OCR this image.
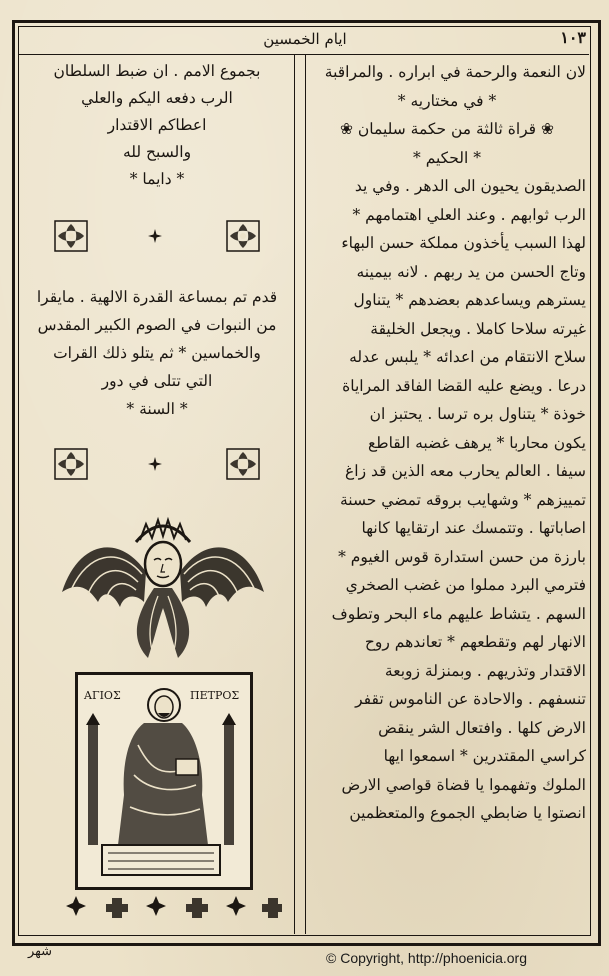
ايام الخمسين	١٠٣

لان النعمة والرحمة في ابراره . والمراقبة

* في مختاريه *

❀ قراة ثالثة من حكمة سليمان ❀

* الحكيم *

الصديقون يحيون الى الدهر . وفي يد

الرب ثوابهم . وعند العلي اهتمامهم *

لهذا السبب يأخذون مملكة حسن البهاء

وتاج الحسن من يد ربهم . لانه بيمينه

يسترهم ويساعدهم بعضدهم * يتناول

غيرته سلاحا كاملا . ويجعل الخليقة

سلاح الانتقام من اعدائه * يلبس عدله

درعا . ويضع عليه القضا الفاقد المراياة

خوذة * يتناول بره ترسا . يحتبز ان

يكون محاربا * يرهف غضبه القاطع

سيفا . العالم يحارب معه الذين قد زاغ

تمييزهم * وشهايب بروقه تمضي حسنة

اصاباتها . وتتمسك عند ارتقايها كانها

بارزة من حسن استدارة قوس الغيوم *

فترمي البرد مملوا من غضب الصخري

السهم . يتشاط عليهم ماء البحر وتطوف

الانهار لهم وتقطعهم * تعاندهم روح

الاقتدار وتذريهم . وبمنزلة زوبعة

تنسفهم . والاحادة عن الناموس تقفر

الارض كلها . وافتعال الشر ينقض

كراسي المقتدرين * اسمعوا ايها

الملوك وتفهموا يا قضاة قواصي الارض

انصتوا يا ضابطي الجموع والمتعظمين

بجموع الامم . ان ضبط السلطان

الرب دفعه اليكم والعلي

اعطاكم الاقتدار

والسبح لله

* دايما *

قدم تم بمساعة القدرة الالهية . مايقرا

من النبوات في الصوم الكبير المقدس

والخماسين * ثم يتلو ذلك القرات

التي تتلى في دور

* السنة *

ΑΓΙΟΣ	ΠΕΤΡΟΣ
شهر	© Copyright, http://phoenicia.org
